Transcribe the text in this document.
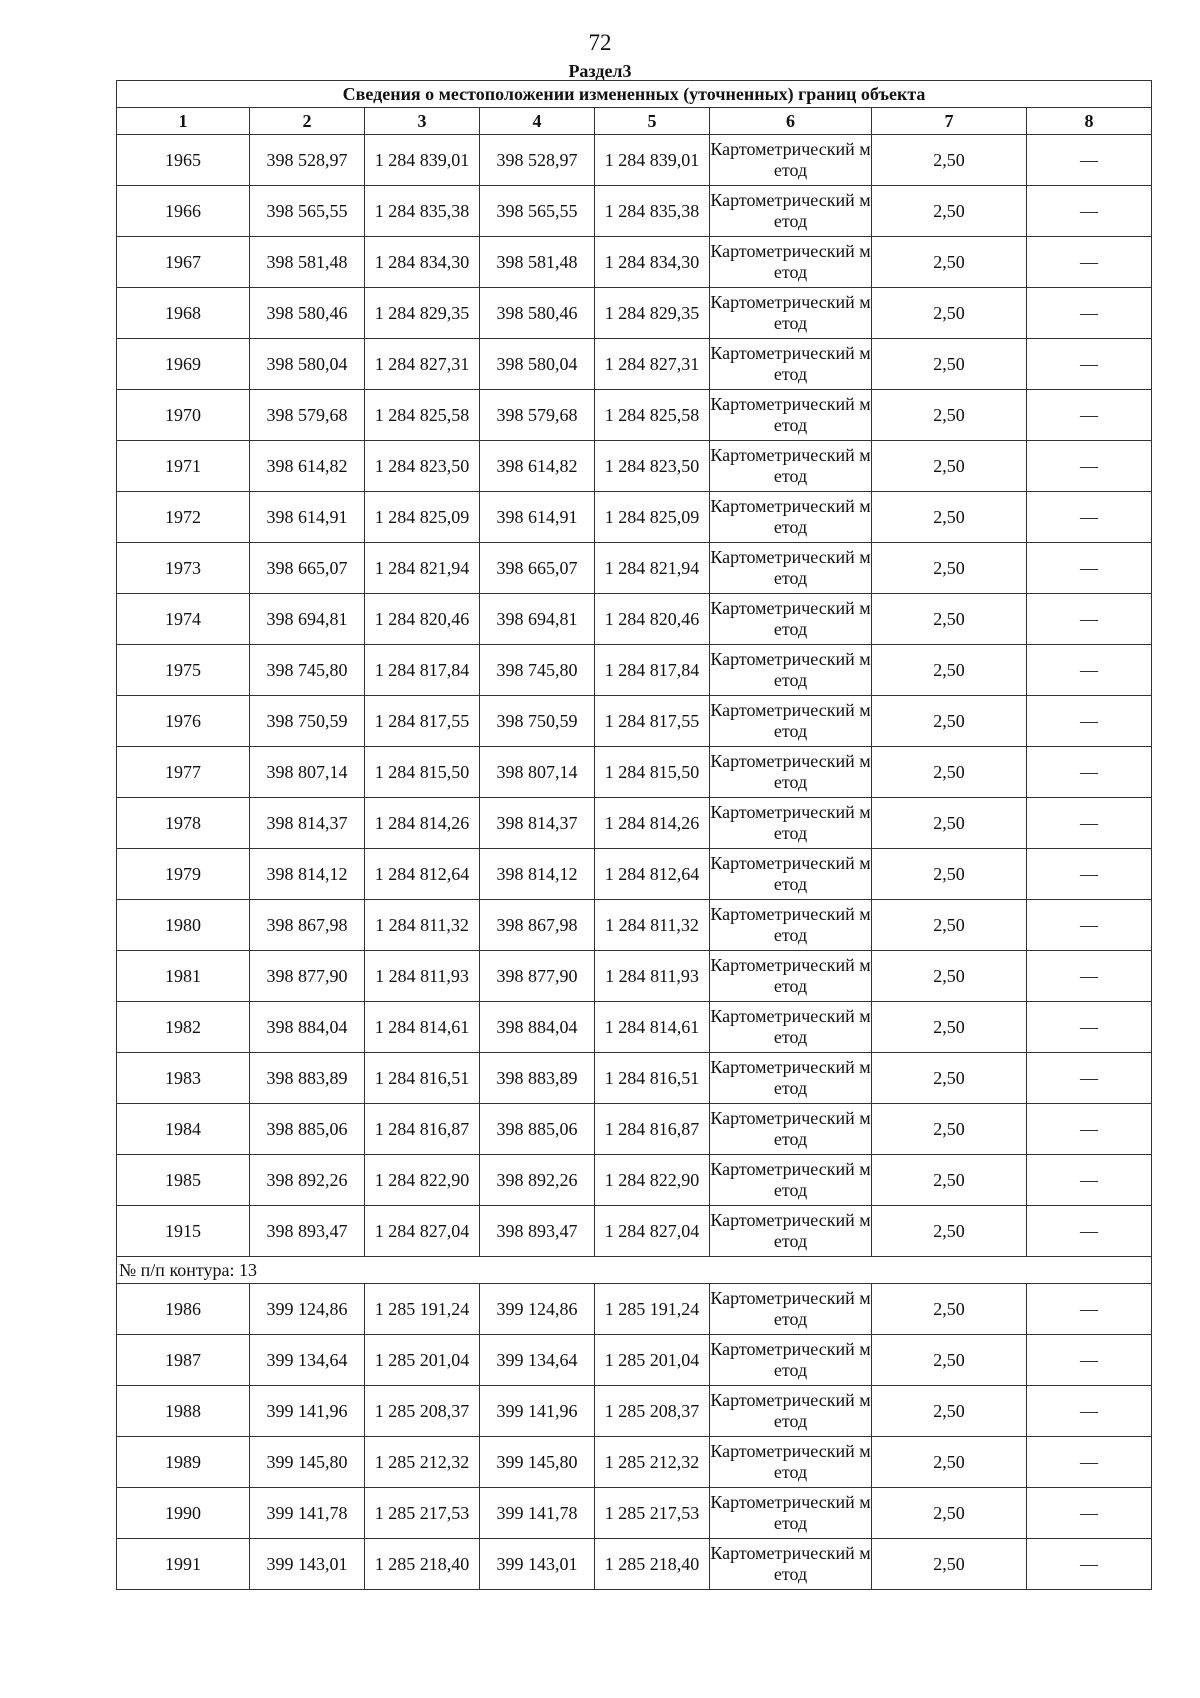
72
Раздел3
Сведения о местоположении измененных (уточненных) границ объекта							
1	2	3	4	5	6	7	8
1965	398 528,97	1 284 839,01	398 528,97	1 284 839,01	Картометрический метод	2,50	—
1966	398 565,55	1 284 835,38	398 565,55	1 284 835,38	Картометрический метод	2,50	—
1967	398 581,48	1 284 834,30	398 581,48	1 284 834,30	Картометрический метод	2,50	—
1968	398 580,46	1 284 829,35	398 580,46	1 284 829,35	Картометрический метод	2,50	—
1969	398 580,04	1 284 827,31	398 580,04	1 284 827,31	Картометрический метод	2,50	—
1970	398 579,68	1 284 825,58	398 579,68	1 284 825,58	Картометрический метод	2,50	—
1971	398 614,82	1 284 823,50	398 614,82	1 284 823,50	Картометрический метод	2,50	—
1972	398 614,91	1 284 825,09	398 614,91	1 284 825,09	Картометрический метод	2,50	—
1973	398 665,07	1 284 821,94	398 665,07	1 284 821,94	Картометрический метод	2,50	—
1974	398 694,81	1 284 820,46	398 694,81	1 284 820,46	Картометрический метод	2,50	—
1975	398 745,80	1 284 817,84	398 745,80	1 284 817,84	Картометрический метод	2,50	—
1976	398 750,59	1 284 817,55	398 750,59	1 284 817,55	Картометрический метод	2,50	—
1977	398 807,14	1 284 815,50	398 807,14	1 284 815,50	Картометрический метод	2,50	—
1978	398 814,37	1 284 814,26	398 814,37	1 284 814,26	Картометрический метод	2,50	—
1979	398 814,12	1 284 812,64	398 814,12	1 284 812,64	Картометрический метод	2,50	—
1980	398 867,98	1 284 811,32	398 867,98	1 284 811,32	Картометрический метод	2,50	—
1981	398 877,90	1 284 811,93	398 877,90	1 284 811,93	Картометрический метод	2,50	—
1982	398 884,04	1 284 814,61	398 884,04	1 284 814,61	Картометрический метод	2,50	—
1983	398 883,89	1 284 816,51	398 883,89	1 284 816,51	Картометрический метод	2,50	—
1984	398 885,06	1 284 816,87	398 885,06	1 284 816,87	Картометрический метод	2,50	—
1985	398 892,26	1 284 822,90	398 892,26	1 284 822,90	Картометрический метод	2,50	—
1915	398 893,47	1 284 827,04	398 893,47	1 284 827,04	Картометрический метод	2,50	—
№ п/п контура: 13							
1986	399 124,86	1 285 191,24	399 124,86	1 285 191,24	Картометрический метод	2,50	—
1987	399 134,64	1 285 201,04	399 134,64	1 285 201,04	Картометрический метод	2,50	—
1988	399 141,96	1 285 208,37	399 141,96	1 285 208,37	Картометрический метод	2,50	—
1989	399 145,80	1 285 212,32	399 145,80	1 285 212,32	Картометрический метод	2,50	—
1990	399 141,78	1 285 217,53	399 141,78	1 285 217,53	Картометрический метод	2,50	—
1991	399 143,01	1 285 218,40	399 143,01	1 285 218,40	Картометрический метод	2,50	—
